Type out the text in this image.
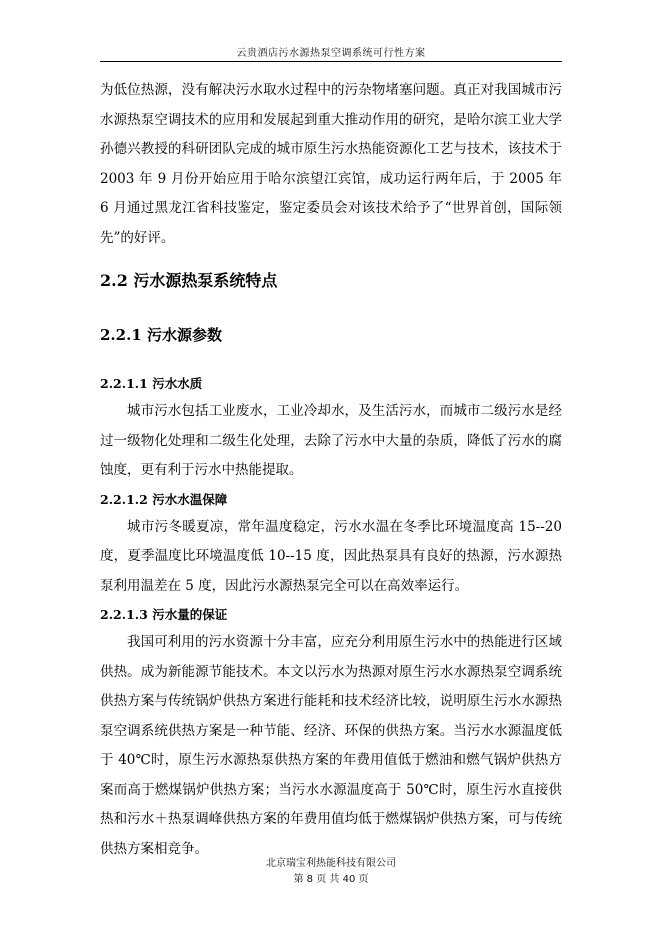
云贵酒店污水源热泵空调系统可行性方案

为低位热源，没有解决污水取水过程中的污杂物堵塞问题。真正对我国城市污水源热泵空调技术的应用和发展起到重大推动作用的研究，是哈尔滨工业大学孙德兴教授的科研团队完成的城市原生污水热能资源化工艺与技术，该技术于 2003 年 9 月份开始应用于哈尔滨望江宾馆，成功运行两年后，于 2005 年 6 月通过黑龙江省科技鉴定，鉴定委员会对该技术给予了“世界首创，国际领先”的好评。

2.2 污水源热泵系统特点
2.2.1 污水源参数
2.2.1.1 污水水质

城市污水包括工业废水，工业冷却水，及生活污水，而城市二级污水是经过一级物化处理和二级生化处理，去除了污水中大量的杂质，降低了污水的腐蚀度，更有利于污水中热能提取。

2.2.1.2 污水水温保障

城市污冬暖夏凉，常年温度稳定，污水水温在冬季比环境温度高 15--20 度，夏季温度比环境温度低 10--15 度，因此热泵具有良好的热源，污水源热泵利用温差在 5 度，因此污水源热泵完全可以在高效率运行。

2.2.1.3 污水量的保证

我国可利用的污水资源十分丰富，应充分利用原生污水中的热能进行区域供热。成为新能源节能技术。本文以污水为热源对原生污水水源热泵空调系统供热方案与传统锅炉供热方案进行能耗和技术经济比较，说明原生污水水源热泵空调系统供热方案是一种节能、经济、环保的供热方案。当污水水源温度低于 40℃时，原生污水源热泵供热方案的年费用值低于燃油和燃气锅炉供热方案而高于燃煤锅炉供热方案；当污水水源温度高于 50℃时，原生污水直接供热和污水＋热泵调峰供热方案的年费用值均低于燃煤锅炉供热方案，可与传统供热方案相竞争。

北京瑞宝利热能科技有限公司
第 8 页 共 40 页
